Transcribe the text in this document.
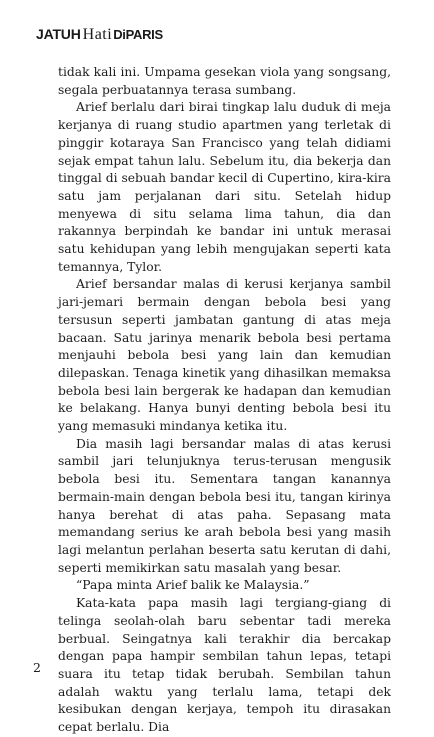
JATUH Hati DiPARIS

tidak kali ini. Umpama gesekan viola yang songsang, segala perbuatannya terasa sumbang.

Arief berlalu dari birai tingkap lalu duduk di meja kerjanya di ruang studio apartmen yang terletak di pinggir kotaraya San Francisco yang telah didiami sejak empat tahun lalu. Sebelum itu, dia bekerja dan tinggal di sebuah bandar kecil di Cupertino, kira-kira satu jam perjalanan dari situ. Setelah hidup menyewa di situ selama lima tahun, dia dan rakannya berpindah ke bandar ini untuk merasai satu kehidupan yang lebih mengujakan seperti kata temannya, Tylor.

Arief bersandar malas di kerusi kerjanya sambil jari-jemari bermain dengan bebola besi yang tersusun seperti jambatan gantung di atas meja bacaan. Satu jarinya menarik bebola besi pertama menjauhi bebola besi yang lain dan kemudian dilepaskan. Tenaga kinetik yang dihasilkan memaksa bebola besi lain bergerak ke hadapan dan kemudian ke belakang. Hanya bunyi denting bebola besi itu yang memasuki mindanya ketika itu.

Dia masih lagi bersandar malas di atas kerusi sambil jari telunjuknya terus-terusan mengusik bebola besi itu. Sementara tangan kanannya bermain-main dengan bebola besi itu, tangan kirinya hanya berehat di atas paha. Sepasang mata memandang serius ke arah bebola besi yang masih lagi melantun perlahan beserta satu kerutan di dahi, seperti memikirkan satu masalah yang besar.

“Papa minta Arief balik ke Malaysia.”

Kata-kata papa masih lagi tergiang-giang di telinga seolah-olah baru sebentar tadi mereka berbual. Seingatnya kali terakhir dia bercakap dengan papa hampir sembilan tahun lepas, tetapi suara itu tetap tidak berubah. Sembilan tahun adalah waktu yang terlalu lama, tetapi dek kesibukan dengan kerjaya, tempoh itu dirasakan cepat berlalu. Dia

2
